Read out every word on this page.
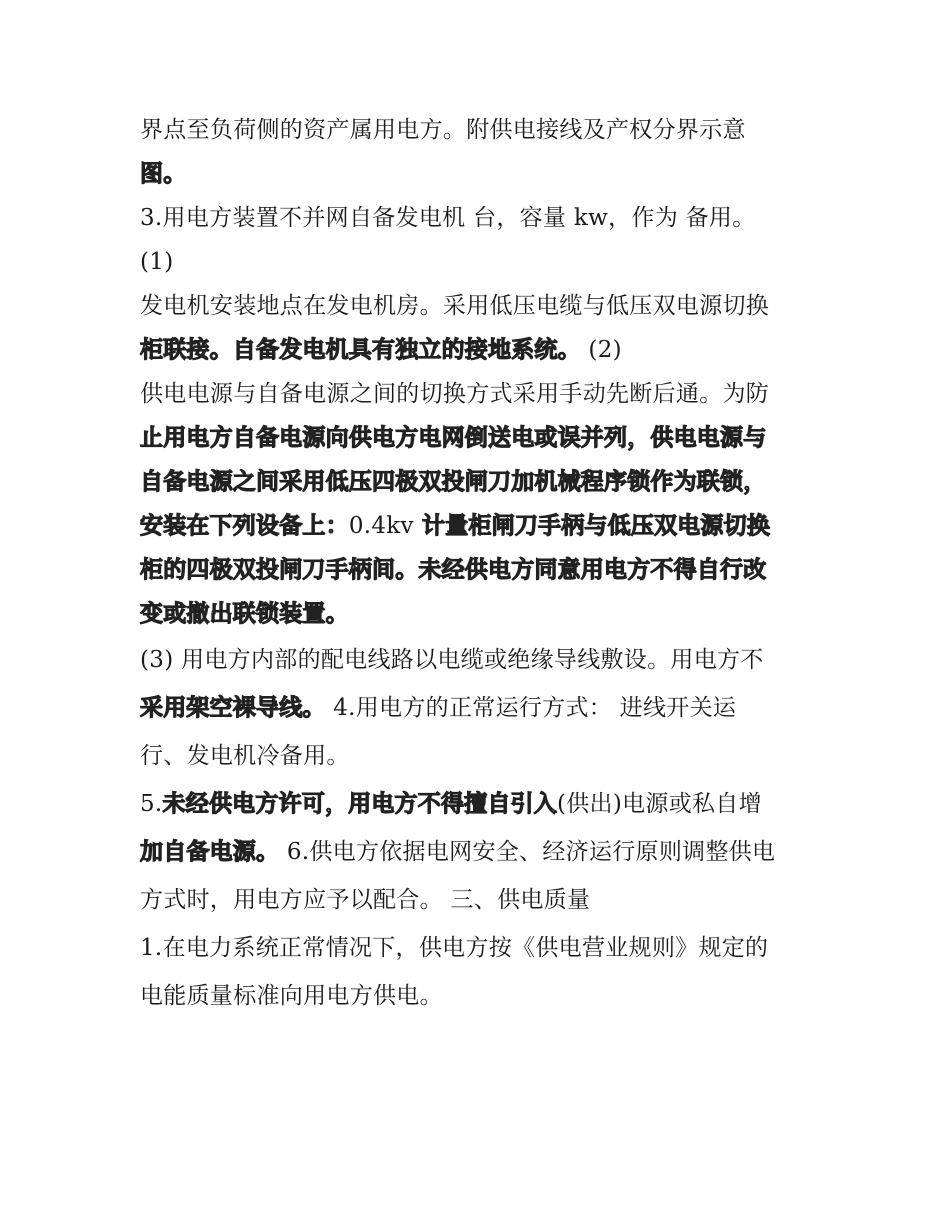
界点至负荷侧的资产属用电方。附供电接线及产权分界示意
图。
3.用电方装置不并网自备发电机 台，容量 kw，作为 备用。
(1)
发电机安装地点在发电机房。采用低压电缆与低压双电源切换
柜联接。自备发电机具有独立的接地系统。 (2)
供电电源与自备电源之间的切换方式采用手动先断后通。为防
止用电方自备电源向供电方电网倒送电或误并列，供电电源与
自备电源之间采用低压四极双投闸刀加机械程序锁作为联锁，
安装在下列设备上：0.4kv 计量柜闸刀手柄与低压双电源切换
柜的四极双投闸刀手柄间。未经供电方同意用电方不得自行改
变或撤出联锁装置。
(3) 用电方内部的配电线路以电缆或绝缘导线敷设。用电方不
采用架空裸导线。 4.用电方的正常运行方式： 进线开关运
行、发电机冷备用。
5.未经供电方许可，用电方不得擅自引入(供出)电源或私自增
加自备电源。 6.供电方依据电网安全、经济运行原则调整供电
方式时，用电方应予以配合。 三、供电质量
1.在电力系统正常情况下，供电方按《供电营业规则》规定的
电能质量标准向用电方供电。
